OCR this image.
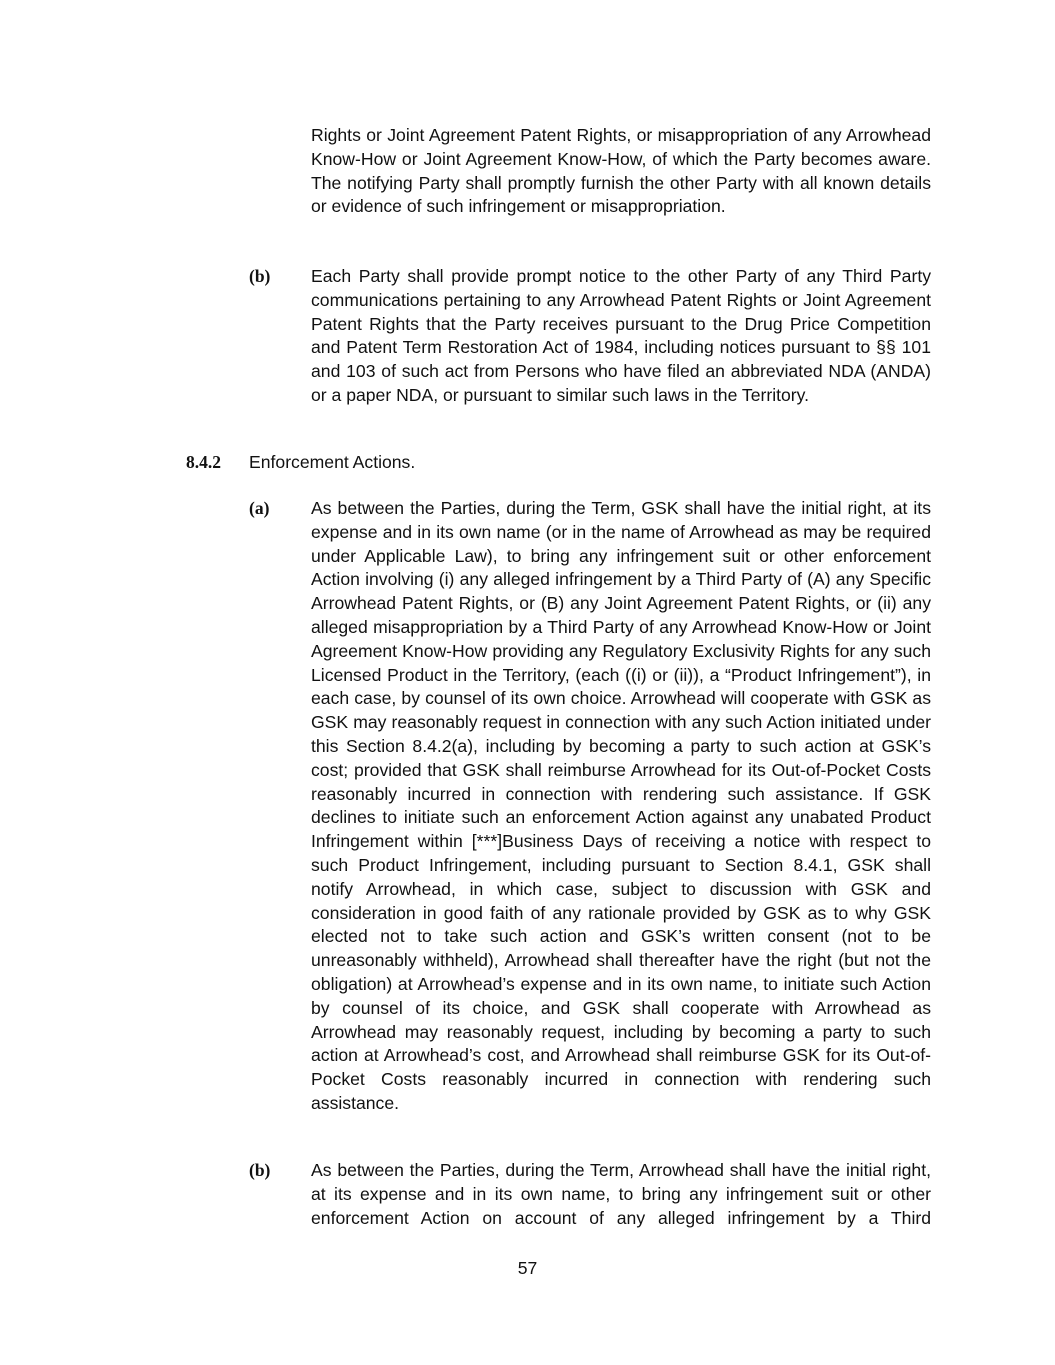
Rights or Joint Agreement Patent Rights, or misappropriation of any Arrowhead Know-How or Joint Agreement Know-How, of which the Party becomes aware. The notifying Party shall promptly furnish the other Party with all known details or evidence of such infringement or misappropriation.

(b) Each Party shall provide prompt notice to the other Party of any Third Party communications pertaining to any Arrowhead Patent Rights or Joint Agreement Patent Rights that the Party receives pursuant to the Drug Price Competition and Patent Term Restoration Act of 1984, including notices pursuant to §§ 101 and 103 of such act from Persons who have filed an abbreviated NDA (ANDA) or a paper NDA, or pursuant to similar such laws in the Territory.

8.4.2 Enforcement Actions.
(a) As between the Parties, during the Term, GSK shall have the initial right, at its expense and in its own name (or in the name of Arrowhead as may be required under Applicable Law), to bring any infringement suit or other enforcement Action involving (i) any alleged infringement by a Third Party of (A) any Specific Arrowhead Patent Rights, or (B) any Joint Agreement Patent Rights, or (ii) any alleged misappropriation by a Third Party of any Arrowhead Know-How or Joint Agreement Know-How providing any Regulatory Exclusivity Rights for any such Licensed Product in the Territory, (each ((i) or (ii)), a “Product Infringement”), in each case, by counsel of its own choice. Arrowhead will cooperate with GSK as GSK may reasonably request in connection with any such Action initiated under this Section 8.4.2(a), including by becoming a party to such action at GSK’s cost; provided that GSK shall reimburse Arrowhead for its Out-of-Pocket Costs reasonably incurred in connection with rendering such assistance. If GSK declines to initiate such an enforcement Action against any unabated Product Infringement within [***]Business Days of receiving a notice with respect to such Product Infringement, including pursuant to Section 8.4.1, GSK shall notify Arrowhead, in which case, subject to discussion with GSK and consideration in good faith of any rationale provided by GSK as to why GSK elected not to take such action and GSK’s written consent (not to be unreasonably withheld), Arrowhead shall thereafter have the right (but not the obligation) at Arrowhead’s expense and in its own name, to initiate such Action by counsel of its choice, and GSK shall cooperate with Arrowhead as Arrowhead may reasonably request, including by becoming a party to such action at Arrowhead’s cost, and Arrowhead shall reimburse GSK for its Out-of-Pocket Costs reasonably incurred in connection with rendering such assistance.

(b) As between the Parties, during the Term, Arrowhead shall have the initial right, at its expense and in its own name, to bring any infringement suit or other enforcement Action on account of any alleged infringement by a Third

57
